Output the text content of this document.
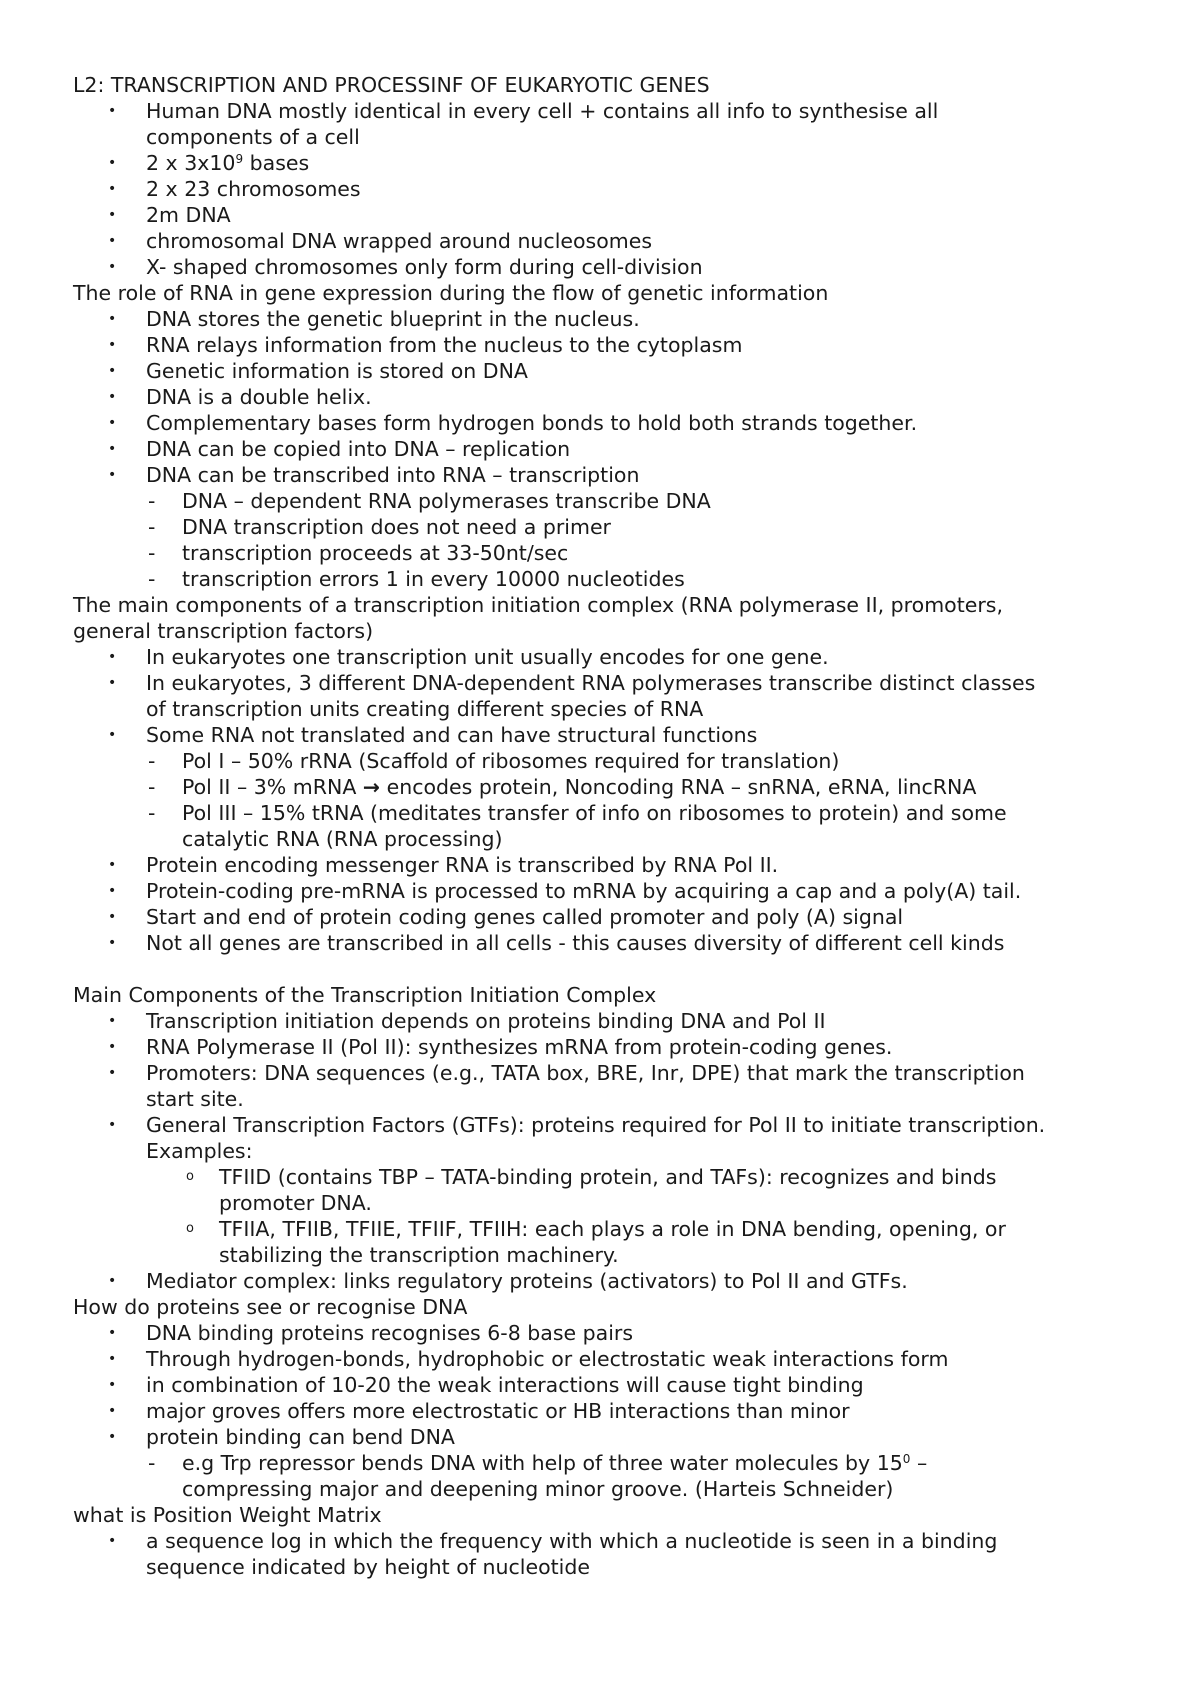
L2: TRANSCRIPTION AND PROCESSINF OF EUKARYOTIC GENES
• Human DNA mostly identical in every cell + contains all info to synthesise all
components of a cell
• 2 x $3x10^9$ bases
• 2 x 23 chromosomes
• 2m DNA
• chromosomal DNA wrapped around nucleosomes
• X- shaped chromosomes only form during cell-division
The role of RNA in gene expression during the flow of genetic information
• DNA stores the genetic blueprint in the nucleus.
• RNA relays information from the nucleus to the cytoplasm
• Genetic information is stored on DNA
• DNA is a double helix.
• Complementary bases form hydrogen bonds to hold both strands together.
• DNA can be copied into DNA – replication
• DNA can be transcribed into RNA – transcription
- DNA – dependent RNA polymerases transcribe DNA
- DNA transcription does not need a primer
- transcription proceeds at 33-50nt/sec
- transcription errors 1 in every 10000 nucleotides
The main components of a transcription initiation complex (RNA polymerase II, promoters,
general transcription factors)
• In eukaryotes one transcription unit usually encodes for one gene.
• In eukaryotes, 3 different DNA-dependent RNA polymerases transcribe distinct classes
of transcription units creating different species of RNA
• Some RNA not translated and can have structural functions
- Pol I – 50% rRNA (Scaffold of ribosomes required for translation)
- Pol II – 3% mRNA → encodes protein, Noncoding RNA – snRNA, eRNA, lincRNA
- Pol III – 15% tRNA (meditates transfer of info on ribosomes to protein) and some
catalytic RNA (RNA processing)
• Protein encoding messenger RNA is transcribed by RNA Pol II.
• Protein-coding pre-mRNA is processed to mRNA by acquiring a cap and a poly(A) tail.
• Start and end of protein coding genes called promoter and poly (A) signal
• Not all genes are transcribed in all cells - this causes diversity of different cell kinds
Main Components of the Transcription Initiation Complex
• Transcription initiation depends on proteins binding DNA and Pol II
• RNA Polymerase II (Pol II): synthesizes mRNA from protein-coding genes.
• Promoters: DNA sequences (e.g., TATA box, BRE, Inr, DPE) that mark the transcription
start site.
• General Transcription Factors (GTFs): proteins required for Pol II to initiate transcription.
Examples:
o TFIID (contains TBP – TATA-binding protein, and TAFs): recognizes and binds
promoter DNA.
o TFIIA, TFIIB, TFIIE, TFIIF, TFIIH: each plays a role in DNA bending, opening, or
stabilizing the transcription machinery.
• Mediator complex: links regulatory proteins (activators) to Pol II and GTFs.
How do proteins see or recognise DNA
• DNA binding proteins recognises 6-8 base pairs
• Through hydrogen-bonds, hydrophobic or electrostatic weak interactions form
• in combination of 10-20 the weak interactions will cause tight binding
• major groves offers more electrostatic or HB interactions than minor
• protein binding can bend DNA
- e.g Trp repressor bends DNA with help of three water molecules by $15^0$ –
compressing major and deepening minor groove. (Harteis Schneider)
what is Position Weight Matrix
• a sequence log in which the frequency with which a nucleotide is seen in a binding
sequence indicated by height of nucleotide
